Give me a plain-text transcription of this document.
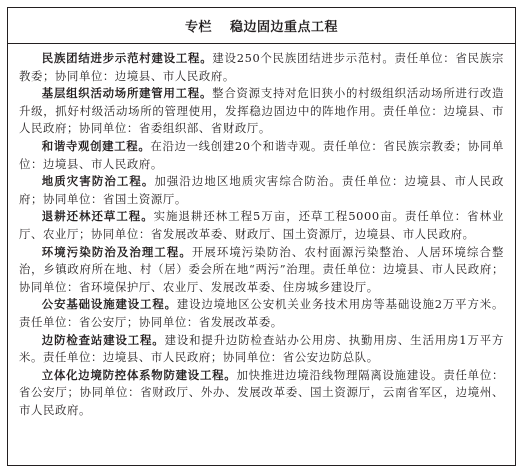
专栏 稳边固边重点工程

民族团结进步示范村建设工程。建设250个民族团结进步示范村。责任单位：省民族宗教委；协同单位：边境县、市人民政府。

基层组织活动场所建管用工程。整合资源支持对危旧狭小的村级组织活动场所进行改造升级，抓好村级活动场所的管理使用，发挥稳边固边中的阵地作用。责任单位：边境县、市人民政府；协同单位：省委组织部、省财政厅。

和谐寺观创建工程。在沿边一线创建20个和谐寺观。责任单位：省民族宗教委；协同单位：边境县、市人民政府。

地质灾害防治工程。加强沿边地区地质灾害综合防治。责任单位：边境县、市人民政府；协同单位：省国土资源厅。

退耕还林还草工程。实施退耕还林工程5万亩，还草工程5000亩。责任单位：省林业厅、农业厅；协同单位：省发展改革委、财政厅、国土资源厅，边境县、市人民政府。

环境污染防治及治理工程。开展环境污染防治、农村面源污染整治、人居环境综合整治，乡镇政府所在地、村（居）委会所在地“两污”治理。责任单位：边境县、市人民政府；协同单位：省环境保护厅、农业厅、发展改革委、住房城乡建设厅。

公安基础设施建设工程。建设边境地区公安机关业务技术用房等基础设施2万平方米。责任单位：省公安厅；协同单位：省发展改革委。

边防检查站建设工程。建设和提升边防检查站办公用房、执勤用房、生活用房1万平方米。责任单位：边境县、市人民政府；协同单位：省公安边防总队。

立体化边境防控体系物防建设工程。加快推进边境沿线物理隔离设施建设。责任单位：省公安厅；协同单位：省财政厅、外办、发展改革委、国土资源厅，云南省军区，边境州、市人民政府。
